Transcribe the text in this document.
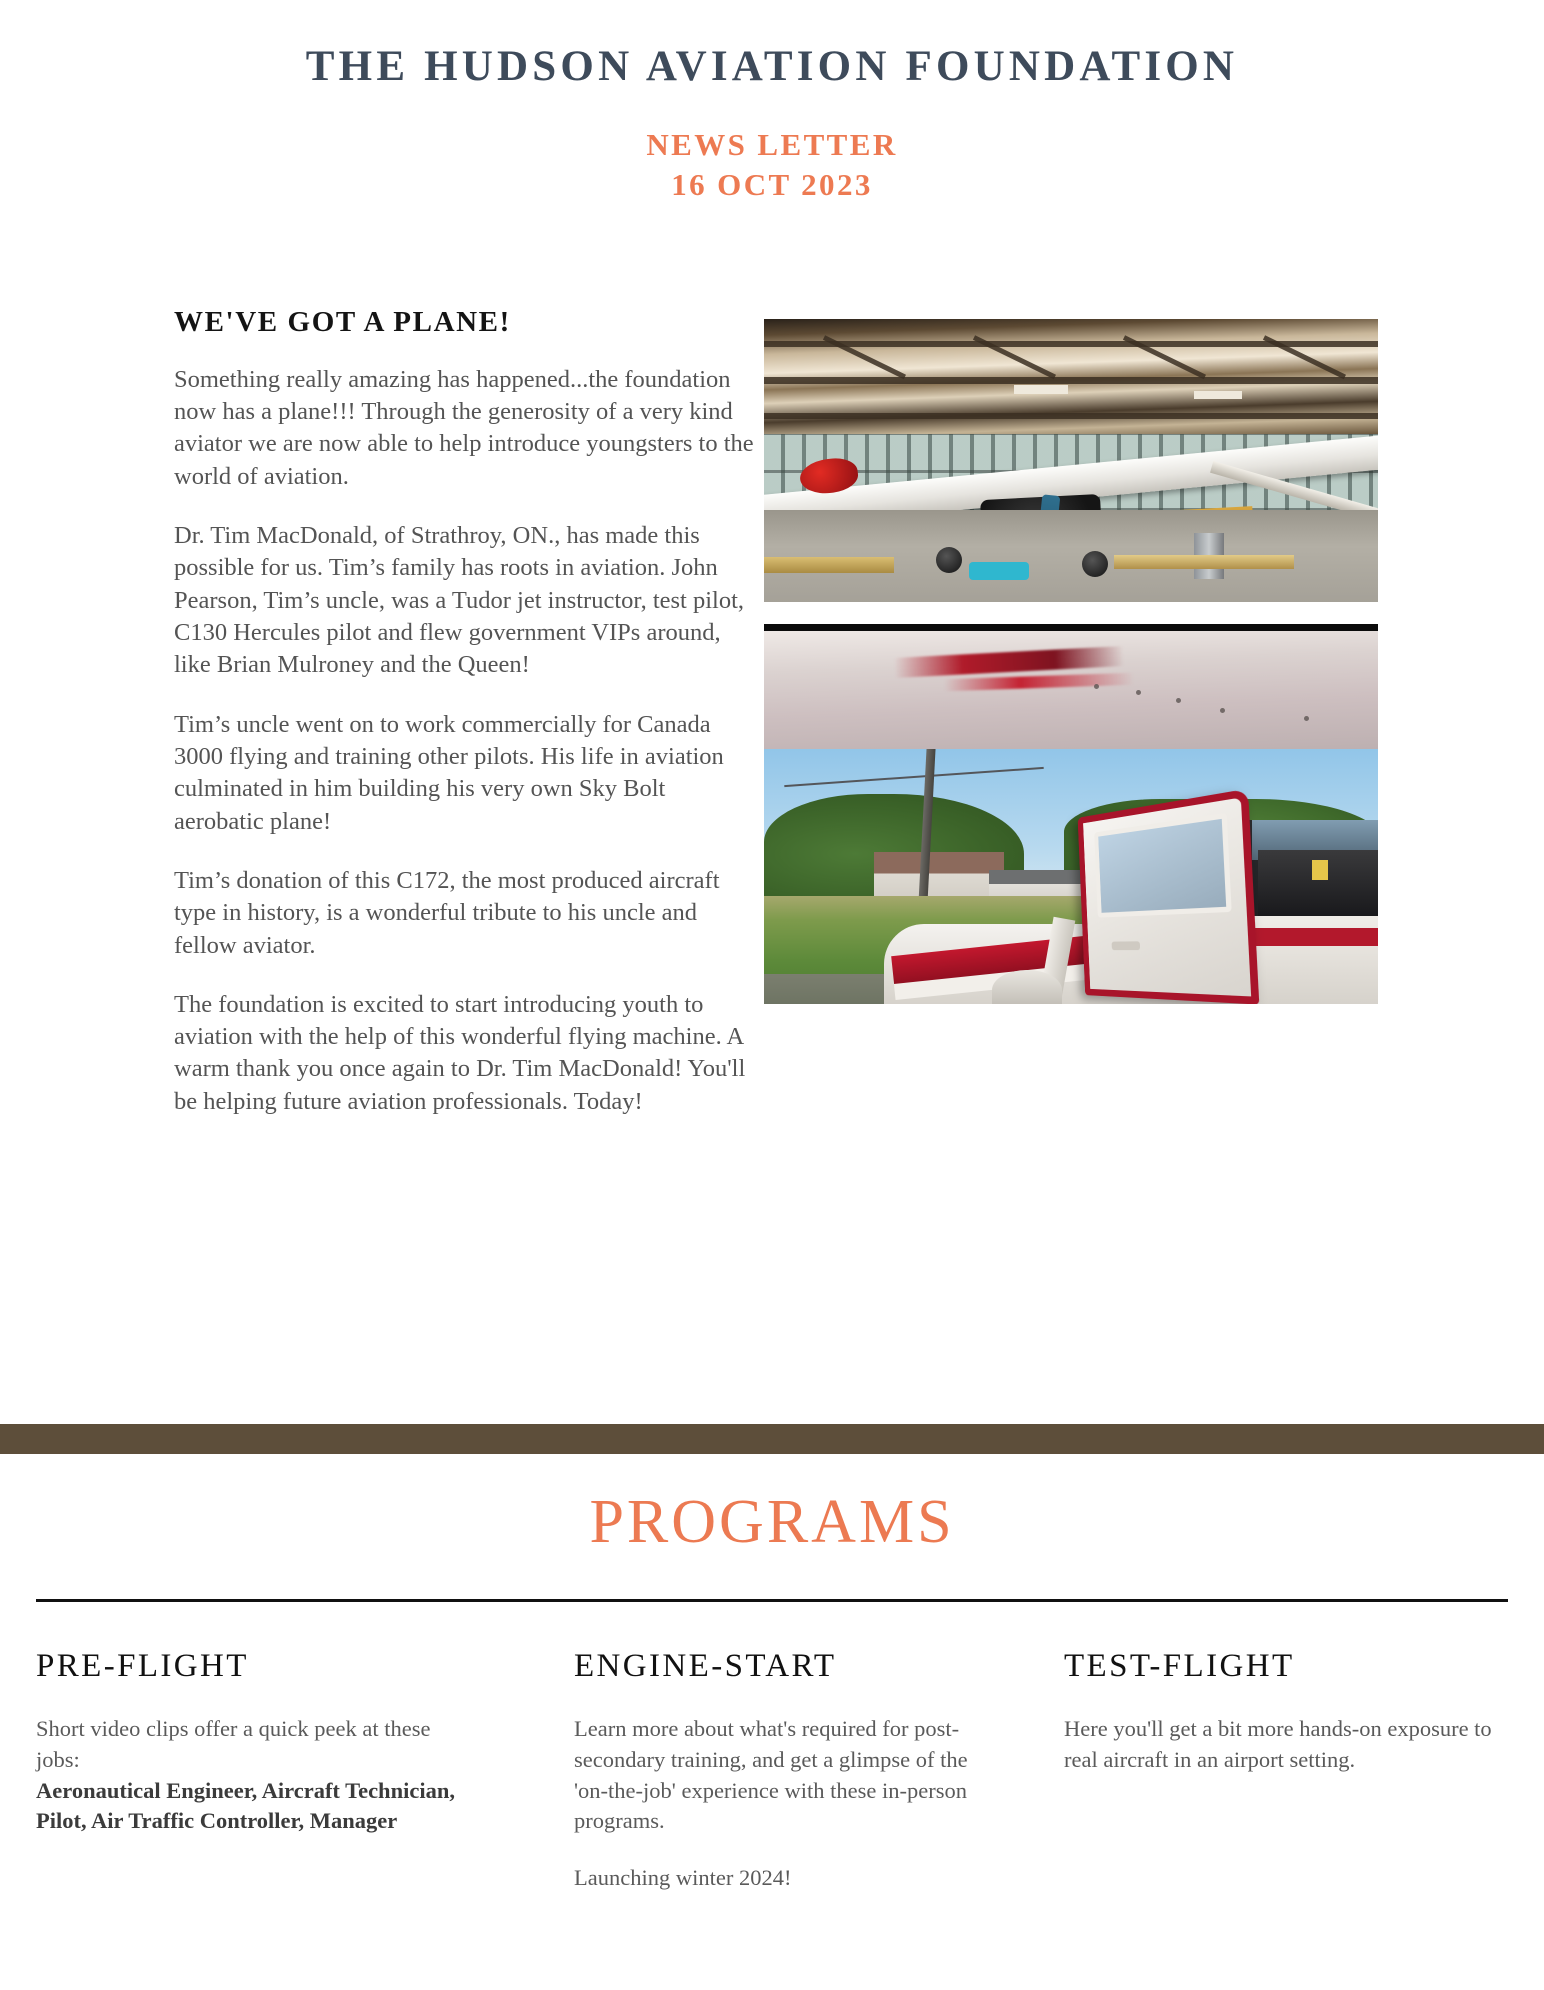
THE HUDSON AVIATION FOUNDATION
NEWS LETTER
16 OCT 2023
WE'VE GOT A PLANE!

Something really amazing has happened...the foundation now has a plane!!! Through the generosity of a very kind aviator we are now able to help introduce youngsters to the world of aviation.

Dr. Tim MacDonald, of Strathroy, ON., has made this possible for us. Tim’s family has roots in aviation. John Pearson, Tim’s uncle, was a Tudor jet instructor, test pilot, C130 Hercules pilot and flew government VIPs around, like Brian Mulroney and the Queen!

Tim’s uncle went on to work commercially for Canada 3000 flying and training other pilots. His life in aviation culminated in him building his very own Sky Bolt aerobatic plane!

Tim’s donation of this C172, the most produced aircraft type in history, is a wonderful tribute to his uncle and fellow aviator.

The foundation is excited to start introducing youth to aviation with the help of this wonderful flying machine. A warm thank you once again to Dr. Tim MacDonald! You'll be helping future aviation professionals. Today!

PROGRAMS
PRE-FLIGHT

Short video clips offer a quick peek at these jobs:

Aeronautical Engineer, Aircraft Technician, Pilot, Air Traffic Controller, Manager

ENGINE-START

Learn more about what's required for post-secondary training, and get a glimpse of the 'on-the-job' experience with these in-person programs.

Launching winter 2024!

TEST-FLIGHT

Here you'll get a bit more hands-on exposure to real aircraft in an airport setting.
